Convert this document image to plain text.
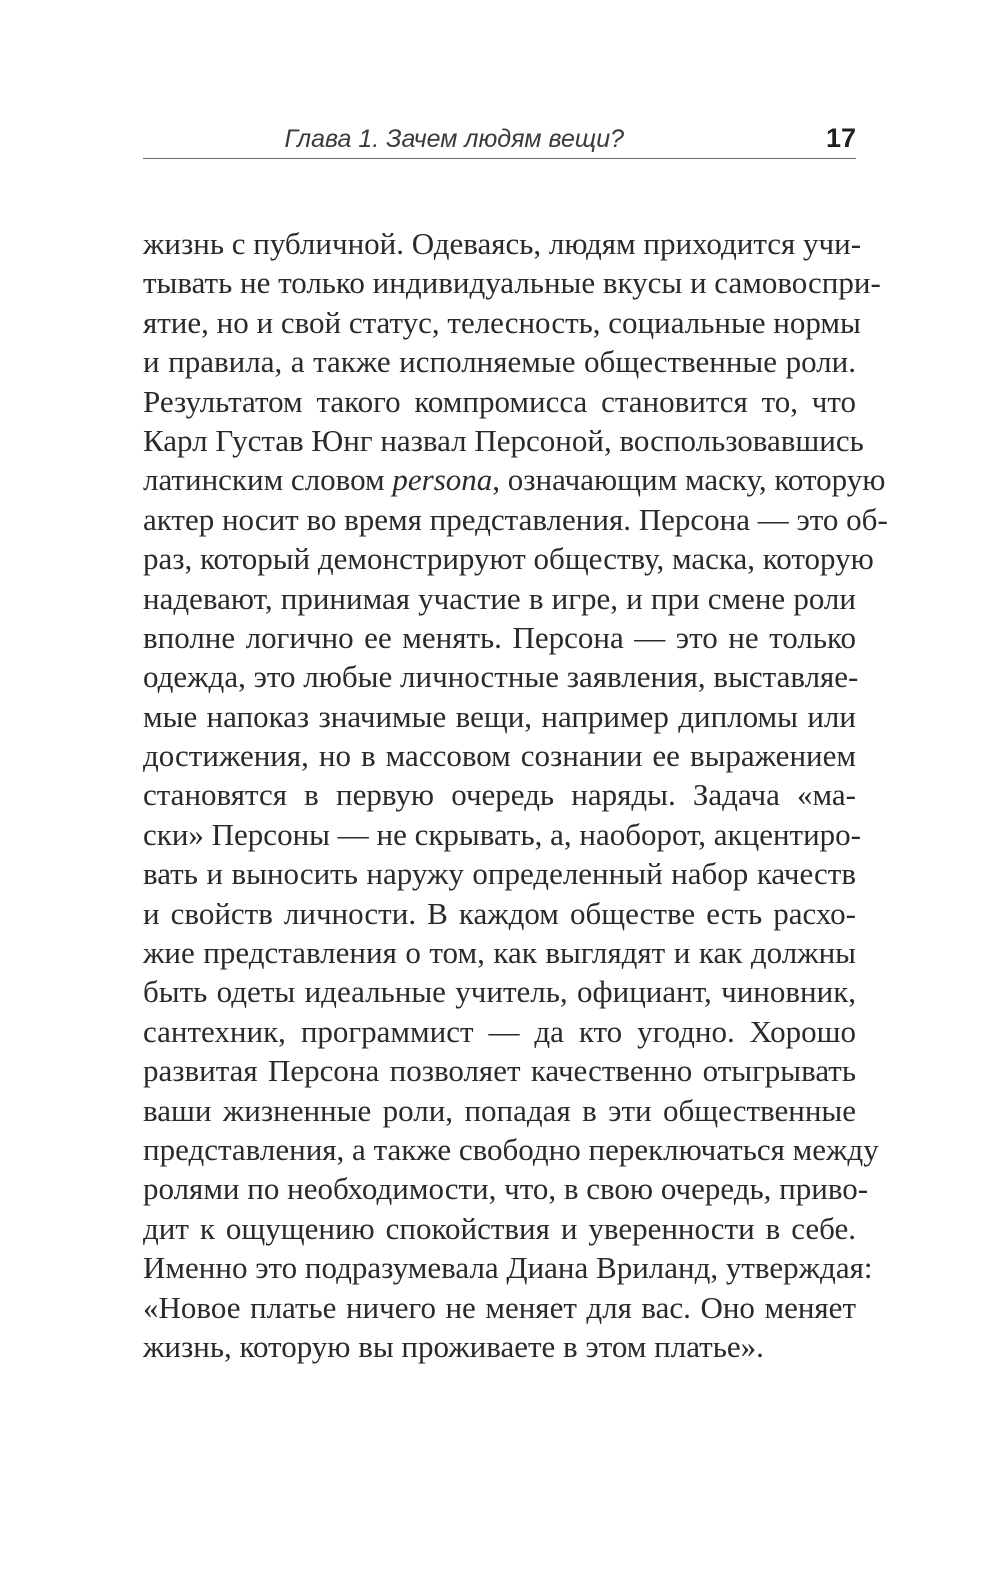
Глава 1. Зачем людям вещи?	17
жизнь с публичной. Одеваясь, людям приходится учи-
тывать не только индивидуальные вкусы и самовоспри-
ятие, но и свой статус, телесность, социальные нормы
и правила, а также исполняемые общественные роли.
Результатом такого компромисса становится то, что
Карл Густав Юнг назвал Персоной, воспользовавшись
латинским словом persona, означающим маску, которую
актер носит во время представления. Персона — это об-
раз, который демонстрируют обществу, маска, которую
надевают, принимая участие в игре, и при смене роли
вполне логично ее менять. Персона — это не только
одежда, это любые личностные заявления, выставляе-
мые напоказ значимые вещи, например дипломы или
достижения, но в массовом сознании ее выражением
становятся в первую очередь наряды. Задача «ма-
ски» Персоны — не скрывать, а, наоборот, акцентиро-
вать и выносить наружу определенный набор качеств
и свойств личности. В каждом обществе есть расхо-
жие представления о том, как выглядят и как должны
быть одеты идеальные учитель, официант, чиновник,
сантехник, программист — да кто угодно. Хорошо
развитая Персона позволяет качественно отыгрывать
ваши жизненные роли, попадая в эти общественные
представления, а также свободно переключаться между
ролями по необходимости, что, в свою очередь, приво-
дит к ощущению спокойствия и уверенности в себе.
Именно это подразумевала Диана Вриланд, утверждая:
«Новое платье ничего не меняет для вас. Оно меняет
жизнь, которую вы проживаете в этом платье».
